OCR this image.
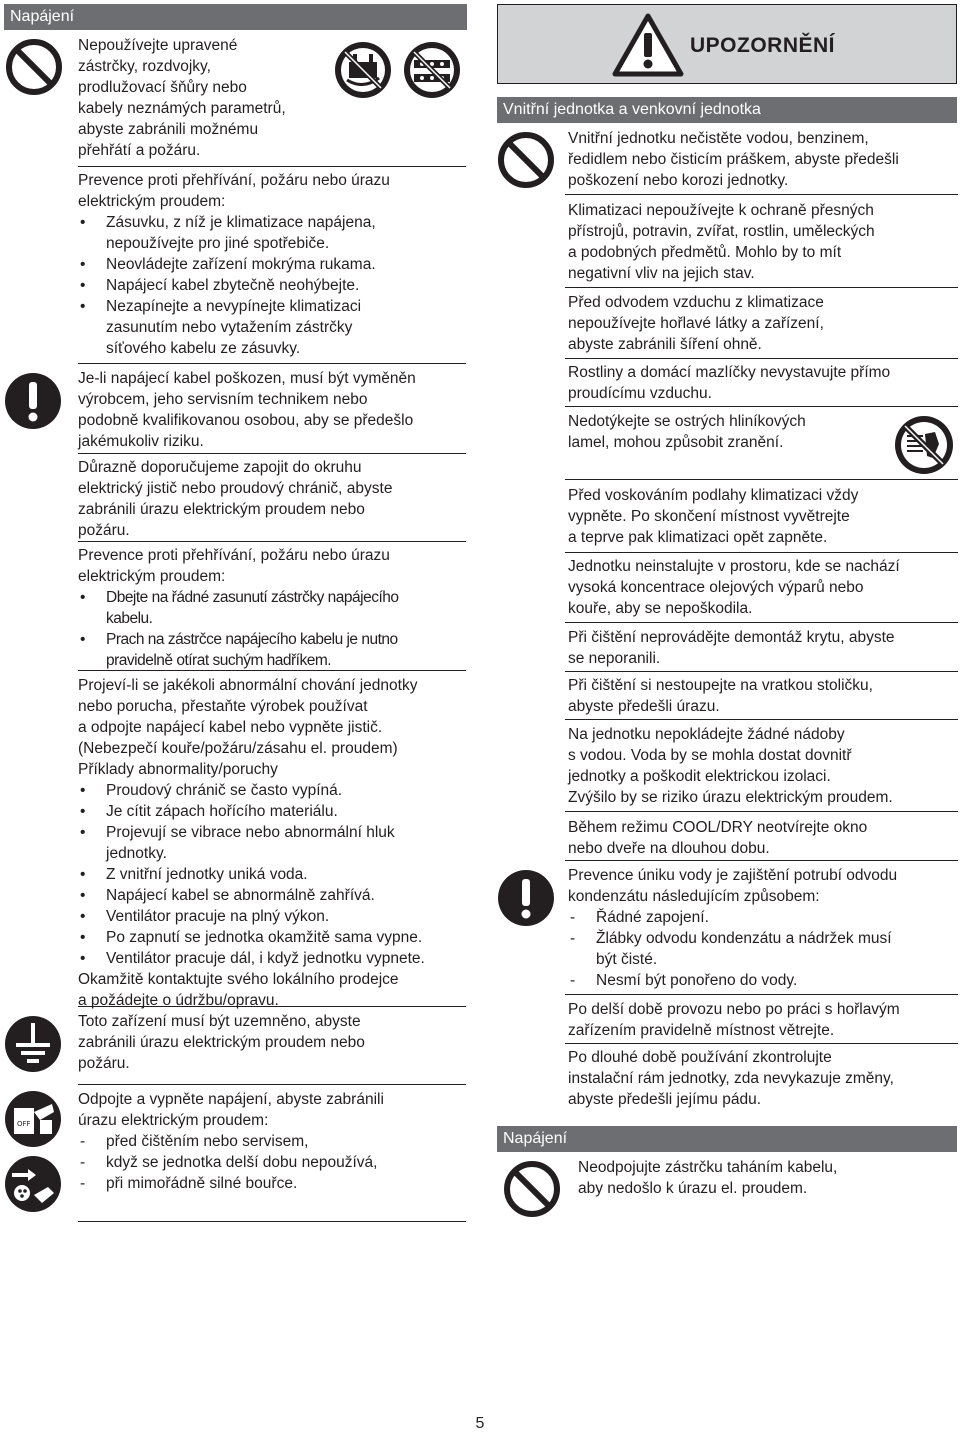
Napájení

Nepoužívejte upravené

zástrčky, rozdvojky,

prodlužovací šňůry nebo

kabely neznámých parametrů,

abyste zabránili možnému

přehřátí a požáru.

Prevence proti přehřívání, požáru nebo úrazu

elektrickým proudem:

• Zásuvku, z níž je klimatizace napájena,
nepoužívejte pro jiné spotřebiče.
• Neovládejte zařízení mokrýma rukama.
• Napájecí kabel zbytečně neohýbejte.
• Nezapínejte a nevypínejte klimatizaci
zasunutím nebo vytažením zástrčky
síťového kabelu ze zásuvky.

Je-li napájecí kabel poškozen, musí být vyměněn

výrobcem, jeho servisním technikem nebo

podobně kvalifikovanou osobou, aby se předešlo

jakémukoliv riziku.

Důrazně doporučujeme zapojit do okruhu

elektrický jistič nebo proudový chránič, abyste

zabránili úrazu elektrickým proudem nebo

požáru.

Prevence proti přehřívání, požáru nebo úrazu

elektrickým proudem:

• Dbejte na řádné zasunutí zástrčky napájecího
kabelu.
• Prach na zástrčce napájecího kabelu je nutno
pravidelně otírat suchým hadříkem.

Projeví-li se jakékoli abnormální chování jednotky

nebo porucha, přestaňte výrobek používat

a odpojte napájecí kabel nebo vypněte jistič.

(Nebezpečí kouře/požáru/zásahu el. proudem)

Příklady abnormality/poruchy

• Proudový chránič se často vypíná.
• Je cítit zápach hořícího materiálu.
• Projevují se vibrace nebo abnormální hluk
jednotky.
• Z vnitřní jednotky uniká voda.
• Napájecí kabel se abnormálně zahřívá.
• Ventilátor pracuje na plný výkon.
• Po zapnutí se jednotka okamžitě sama vypne.
• Ventilátor pracuje dál, i když jednotku vypnete.

Okamžitě kontaktujte svého lokálního prodejce

a požádejte o údržbu/opravu.

Toto zařízení musí být uzemněno, abyste

zabránili úrazu elektrickým proudem nebo

požáru.

OFF

Odpojte a vypněte napájení, abyste zabránili

úrazu elektrickým proudem:

- před čištěním nebo servisem,
- když se jednotka delší dobu nepoužívá,
- při mimořádně silné bouřce.
UPOZORNĚNÍ
Vnitřní jednotka a venkovní jednotka

Vnitřní jednotku nečistěte vodou, benzinem,

ředidlem nebo čisticím práškem, abyste předešli

poškození nebo korozi jednotky.

Klimatizaci nepoužívejte k ochraně přesných

přístrojů, potravin, zvířat, rostlin, uměleckých

a podobných předmětů. Mohlo by to mít

negativní vliv na jejich stav.

Před odvodem vzduchu z klimatizace

nepoužívejte hořlavé látky a zařízení,

abyste zabránili šíření ohně.

Rostliny a domácí mazlíčky nevystavujte přímo

proudícímu vzduchu.

Nedotýkejte se ostrých hliníkových

lamel, mohou způsobit zranění.

Před voskováním podlahy klimatizaci vždy

vypněte. Po skončení místnost vyvětrejte

a teprve pak klimatizaci opět zapněte.

Jednotku neinstalujte v prostoru, kde se nachází

vysoká koncentrace olejových výparů nebo

kouře, aby se nepoškodila.

Při čištění neprovádějte demontáž krytu, abyste

se neporanili.

Při čištění si nestoupejte na vratkou stoličku,

abyste předešli úrazu.

Na jednotku nepokládejte žádné nádoby

s vodou. Voda by se mohla dostat dovnitř

jednotky a poškodit elektrickou izolaci.

Zvýšilo by se riziko úrazu elektrickým proudem.

Během režimu COOL/DRY neotvírejte okno

nebo dveře na dlouhou dobu.

Prevence úniku vody je zajištění potrubí odvodu

kondenzátu následujícím způsobem:

- Řádné zapojení.
- Žlábky odvodu kondenzátu a nádržek musí
být čisté.
- Nesmí být ponořeno do vody.

Po delší době provozu nebo po práci s hořlavým

zařízením pravidelně místnost větrejte.

Po dlouhé době používání zkontrolujte

instalační rám jednotky, zda nevykazuje změny,

abyste předešli jejímu pádu.

Napájení

Neodpojujte zástrčku taháním kabelu,

aby nedošlo k úrazu el. proudem.

5
